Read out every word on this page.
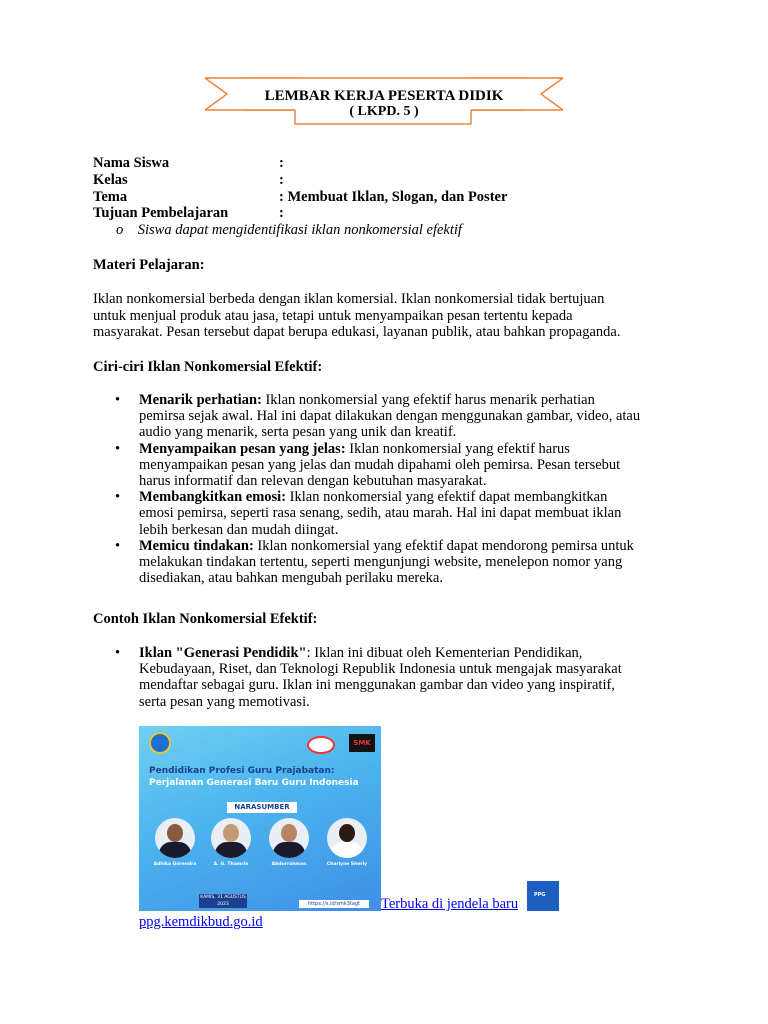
LEMBAR KERJA PESERTA DIDIK
( LKPD. 5 )
Nama Siswa	:
Kelas	:
Tema	: Membuat Iklan, Slogan, dan Poster
Tujuan Pembelajaran	:
o Siswa dapat mengidentifikasi iklan nonkomersial efektif
Materi Pelajaran:
Iklan nonkomersial berbeda dengan iklan komersial. Iklan nonkomersial tidak bertujuan
untuk menjual produk atau jasa, tetapi untuk menyampaikan pesan tertentu kepada
masyarakat. Pesan tersebut dapat berupa edukasi, layanan publik, atau bahkan propaganda.
Ciri-ciri Iklan Nonkomersial Efektif:
• Menarik perhatian: Iklan nonkomersial yang efektif harus menarik perhatian
pemirsa sejak awal. Hal ini dapat dilakukan dengan menggunakan gambar, video, atau
audio yang menarik, serta pesan yang unik dan kreatif.
• Menyampaikan pesan yang jelas: Iklan nonkomersial yang efektif harus
menyampaikan pesan yang jelas dan mudah dipahami oleh pemirsa. Pesan tersebut
harus informatif dan relevan dengan kebutuhan masyarakat.
• Membangkitkan emosi: Iklan nonkomersial yang efektif dapat membangkitkan
emosi pemirsa, seperti rasa senang, sedih, atau marah. Hal ini dapat membuat iklan
lebih berkesan dan mudah diingat.
• Memicu tindakan: Iklan nonkomersial yang efektif dapat mendorong pemirsa untuk
melakukan tindakan tertentu, seperti mengunjungi website, menelepon nomor yang
disediakan, atau bahkan mengubah perilaku mereka.
Contoh Iklan Nonkomersial Efektif:
• Iklan "Generasi Pendidik": Iklan ini dibuat oleh Kementerian Pendidikan,
Kebudayaan, Riset, dan Teknologi Republik Indonesia untuk mengajak masyarakat
mendaftar sebagai guru. Iklan ini menggunakan gambar dan video yang inspiratif,
serta pesan yang memotivasi.
SMK
Pendidikan Profesi Guru Prajabatan:
Perjalanan Generasi Baru Guru Indonesia
NARASUMBER
Adhika Gorendra	A. G. Thamrin	Abdurrahman	Charlyne Sherly
KAMIS, 31 AGUSTUS 2023	https://s.id/smk3tagt	Terbuka di jendela baru
PPG
ppg.kemdikbud.go.id
